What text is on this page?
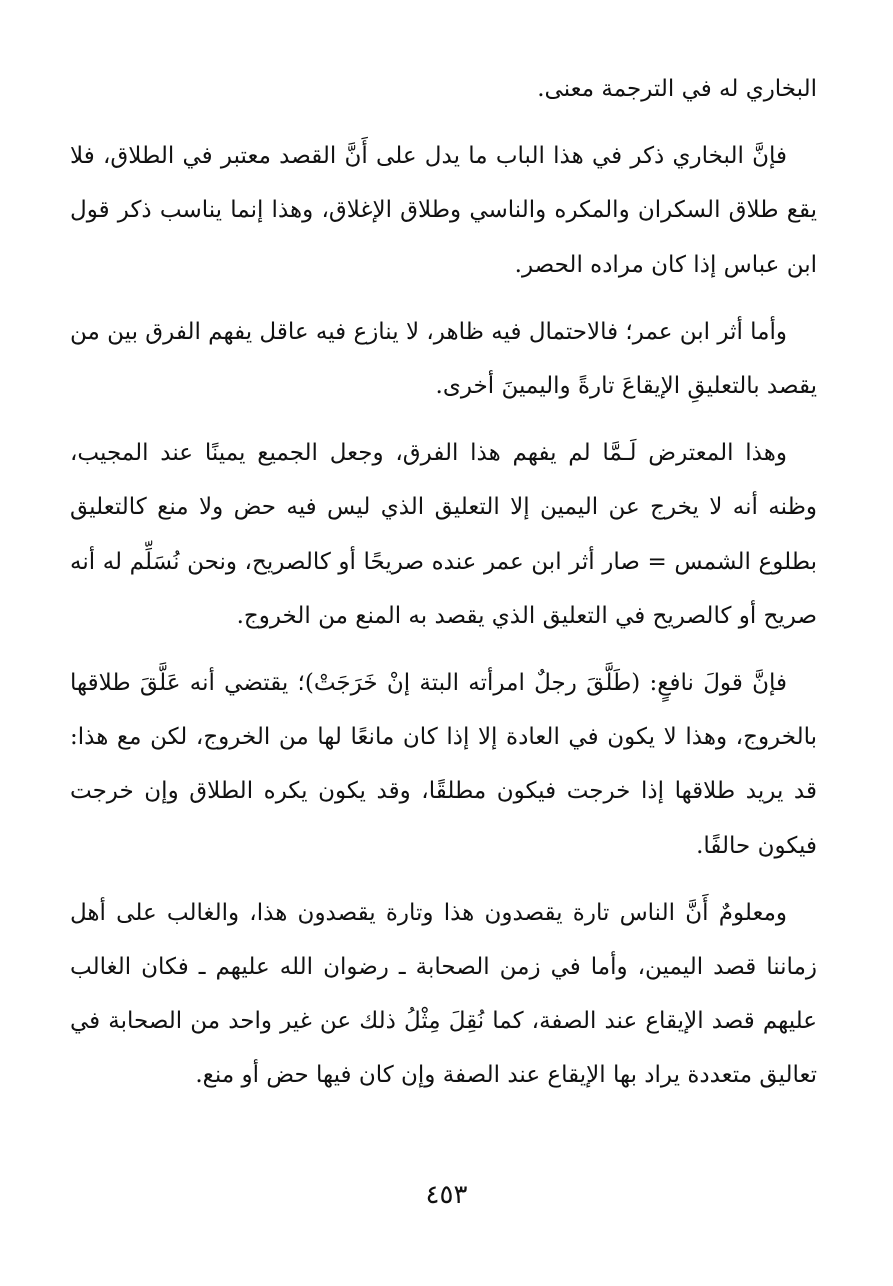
البخاري له في الترجمة معنى.

فإنَّ البخاري ذكر في هذا الباب ما يدل على أَنَّ القصد معتبر في الطلاق، فلا يقع طلاق السكران والمكره والناسي وطلاق الإغلاق، وهذا إنما يناسب ذكر قول ابن عباس إذا كان مراده الحصر.

وأما أثر ابن عمر؛ فالاحتمال فيه ظاهر، لا ينازع فيه عاقل يفهم الفرق بين من يقصد بالتعليقِ الإيقاعَ تارةً واليمينَ أخرى.

وهذا المعترض لَـمَّا لم يفهم هذا الفرق، وجعل الجميع يمينًا عند المجيب، وظنه أنه لا يخرج عن اليمين إلا التعليق الذي ليس فيه حض ولا منع كالتعليق بطلوع الشمس = صار أثر ابن عمر عنده صريحًا أو كالصريح، ونحن نُسَلِّم له أنه صريح أو كالصريح في التعليق الذي يقصد به المنع من الخروج.

فإنَّ قولَ نافعٍ: (طَلَّقَ رجلٌ امرأته البتة إنْ خَرَجَتْ)؛ يقتضي أنه عَلَّقَ طلاقها بالخروج، وهذا لا يكون في العادة إلا إذا كان مانعًا لها من الخروج، لكن مع هذا: قد يريد طلاقها إذا خرجت فيكون مطلقًا، وقد يكون يكره الطلاق وإن خرجت فيكون حالفًا.

ومعلومٌ أَنَّ الناس تارة يقصدون هذا وتارة يقصدون هذا، والغالب على أهل زماننا قصد اليمين، وأما في زمن الصحابة ـ رضوان الله عليهم ـ فكان الغالب عليهم قصد الإيقاع عند الصفة، كما نُقِلَ مِثْلُ ذلك عن غير واحد من الصحابة في تعاليق متعددة يراد بها الإيقاع عند الصفة وإن كان فيها حض أو منع.

٤٥٣
